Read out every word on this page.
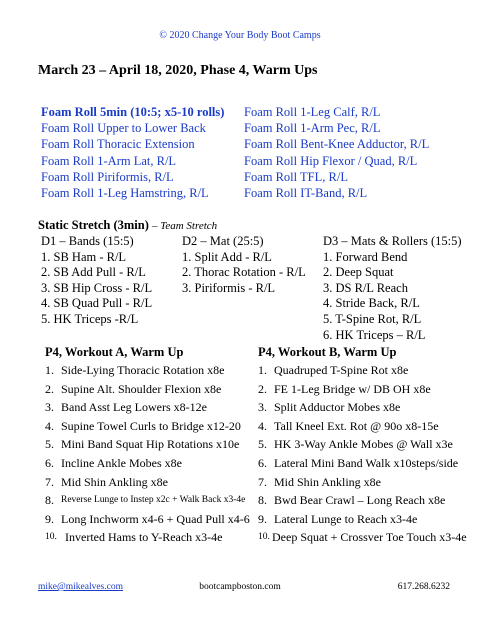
© 2020 Change Your Body Boot Camps
March 23 – April 18, 2020, Phase 4, Warm Ups
Foam Roll 5min (10:5; x5-10 rolls)
Foam Roll Upper to Lower Back
Foam Roll Thoracic Extension
Foam Roll 1-Arm Lat, R/L
Foam Roll Piriformis, R/L
Foam Roll 1-Leg Hamstring, R/L
Foam Roll 1-Leg Calf, R/L
Foam Roll 1-Arm Pec, R/L
Foam Roll Bent-Knee Adductor, R/L
Foam Roll Hip Flexor / Quad, R/L
Foam Roll TFL, R/L
Foam Roll IT-Band, R/L
Static Stretch (3min) – Team Stretch
D1 – Bands (15:5)
1. SB Ham - R/L
2. SB Add Pull - R/L
3. SB Hip Cross - R/L
4. SB Quad Pull - R/L
5. HK Triceps -R/L
D2 – Mat (25:5)
1. Split Add - R/L
2. Thorac Rotation - R/L
3. Piriformis - R/L
D3 – Mats & Rollers (15:5)
1. Forward Bend
2. Deep Squat
3. DS R/L Reach
4. Stride Back, R/L
5. T-Spine Rot, R/L
6. HK Triceps – R/L
P4, Workout A, Warm Up
1. Side-Lying Thoracic Rotation x8e
2. Supine Alt. Shoulder Flexion x8e
3. Band Asst Leg Lowers x8-12e
4. Supine Towel Curls to Bridge x12-20
5. Mini Band Squat Hip Rotations x10e
6. Incline Ankle Mobes x8e
7. Mid Shin Ankling x8e
8. Reverse Lunge to Instep x2c + Walk Back x3-4e
9. Long Inchworm x4-6 + Quad Pull x4-6
10. Inverted Hams to Y-Reach x3-4e
P4, Workout B, Warm Up
1. Quadruped T-Spine Rot x8e
2. FE 1-Leg Bridge w/ DB OH x8e
3. Split Adductor Mobes x8e
4. Tall Kneel Ext. Rot @ 90o x8-15e
5. HK 3-Way Ankle Mobes @ Wall x3e
6. Lateral Mini Band Walk x10steps/side
7. Mid Shin Ankling x8e
8. Bwd Bear Crawl – Long Reach x8e
9. Lateral Lunge to Reach x3-4e
10. Deep Squat + Crossver Toe Touch x3-4e
mike@mikealves.com	bootcampboston.com	617.268.6232
